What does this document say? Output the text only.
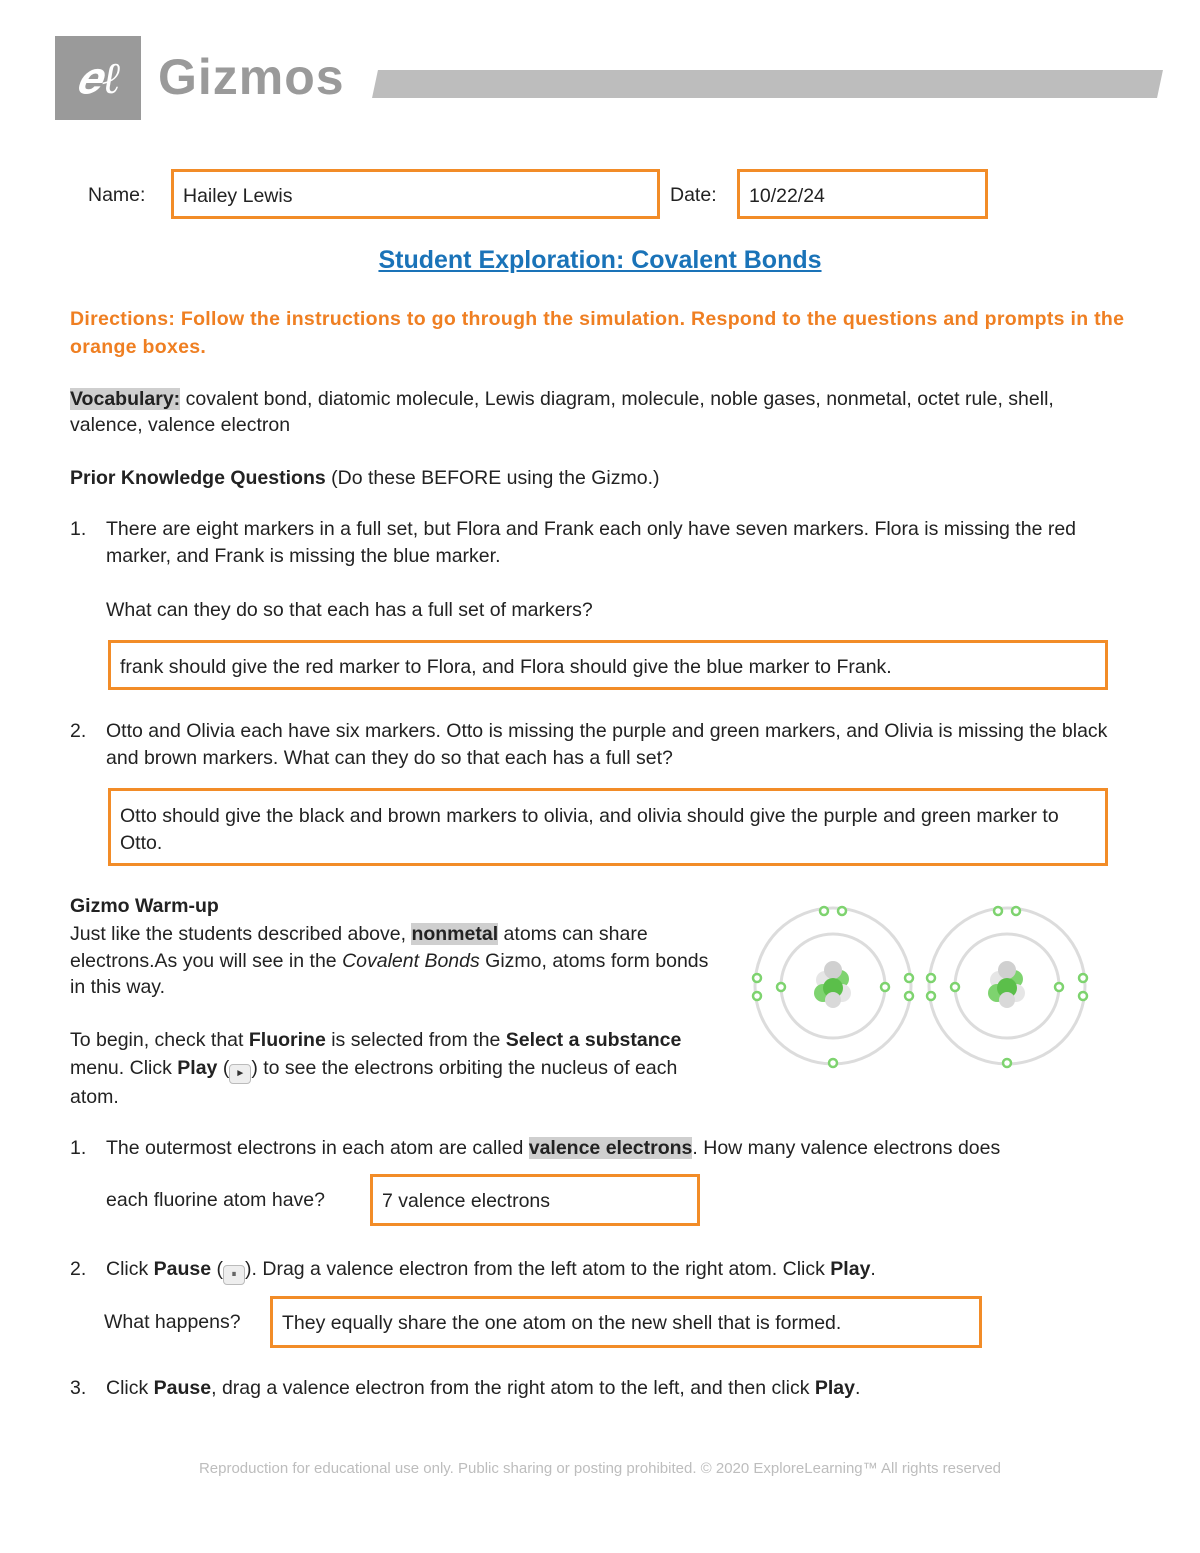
𝒆ℓ Gizmos
Name:	Hailey Lewis	Date:	10/22/24
Student Exploration: Covalent Bonds
Directions: Follow the instructions to go through the simulation. Respond to the questions and prompts in the orange boxes.
Vocabulary: covalent bond, diatomic molecule, Lewis diagram, molecule, noble gases, nonmetal, octet rule, shell, valence, valence electron
Prior Knowledge Questions (Do these BEFORE using the Gizmo.)
1. There are eight markers in a full set, but Flora and Frank each only have seven markers. Flora is missing the red marker, and Frank is missing the blue marker.
What can they do so that each has a full set of markers?
frank should give the red marker to Flora, and Flora should give the blue marker to Frank.
2. Otto and Olivia each have six markers. Otto is missing the purple and green markers, and Olivia is missing the black and brown markers. What can they do so that each has a full set?
Otto should give the black and brown markers to olivia, and olivia should give the purple and green marker to Otto.
Gizmo Warm-up
Just like the students described above, nonmetal atoms can share electrons.As you will see in the Covalent Bonds Gizmo, atoms form bonds in this way.
To begin, check that Fluorine is selected from the Select a substance menu. Click Play ( ► ) to see the electrons orbiting the nucleus of each atom.
1. The outermost electrons in each atom are called valence electrons. How many valence electrons does
each fluorine atom have?	7 valence electrons
2. Click Pause ( ⏸ ). Drag a valence electron from the left atom to the right atom. Click Play.
What happens?	They equally share the one atom on the new shell that is formed.
3. Click Pause, drag a valence electron from the right atom to the left, and then click Play.
Reproduction for educational use only. Public sharing or posting prohibited. © 2020 ExploreLearning™ All rights reserved
